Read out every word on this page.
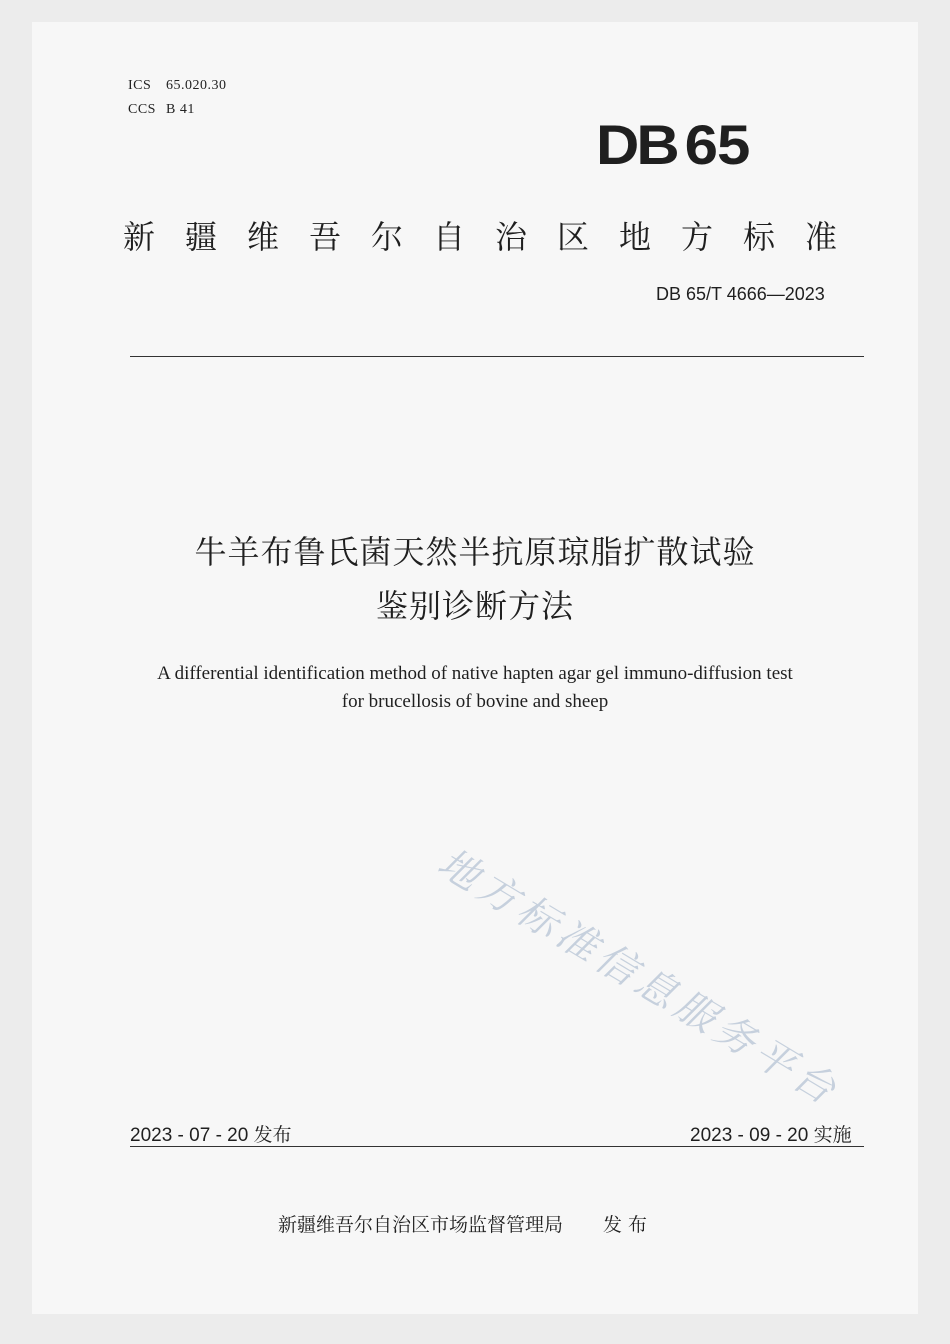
ICS 65.020.30
CCS B 41
DB 65
新疆维吾尔自治区地方标准
DB 65/T 4666—2023
牛羊布鲁氏菌天然半抗原琼脂扩散试验
鉴别诊断方法
A differential identification method of native hapten agar gel immuno-diffusion test
for brucellosis of bovine and sheep
地方标准信息服务平台
2023 - 07 - 20 发布	2023 - 09 - 20 实施
新疆维吾尔自治区市场监督管理局 发 布
